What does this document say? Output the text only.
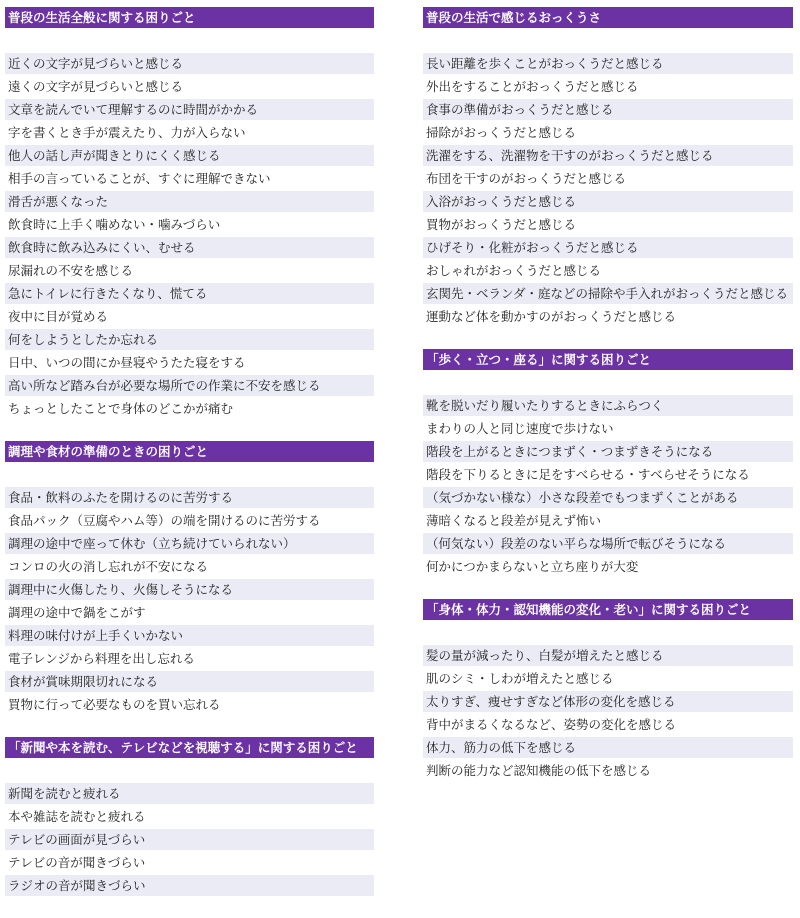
普段の生活全般に関する困りごと
近くの文字が見づらいと感じる
遠くの文字が見づらいと感じる
文章を読んでいて理解するのに時間がかかる
字を書くとき手が震えたり、力が入らない
他人の話し声が聞きとりにくく感じる
相手の言っていることが、すぐに理解できない
滑舌が悪くなった
飲食時に上手く噛めない・噛みづらい
飲食時に飲み込みにくい、むせる
尿漏れの不安を感じる
急にトイレに行きたくなり、慌てる
夜中に目が覚める
何をしようとしたか忘れる
日中、いつの間にか昼寝やうたた寝をする
高い所など踏み台が必要な場所での作業に不安を感じる
ちょっとしたことで身体のどこかが痛む
調理や食材の準備のときの困りごと
食品・飲料のふたを開けるのに苦労する
食品パック（豆腐やハム等）の端を開けるのに苦労する
調理の途中で座って休む（立ち続けていられない）
コンロの火の消し忘れが不安になる
調理中に火傷したり、火傷しそうになる
調理の途中で鍋をこがす
料理の味付けが上手くいかない
電子レンジから料理を出し忘れる
食材が賞味期限切れになる
買物に行って必要なものを買い忘れる
「新聞や本を読む、テレビなどを視聴する」に関する困りごと
新聞を読むと疲れる
本や雑誌を読むと疲れる
テレビの画面が見づらい
テレビの音が聞きづらい
ラジオの音が聞きづらい
普段の生活で感じるおっくうさ
長い距離を歩くことがおっくうだと感じる
外出をすることがおっくうだと感じる
食事の準備がおっくうだと感じる
掃除がおっくうだと感じる
洗濯をする、洗濯物を干すのがおっくうだと感じる
布団を干すのがおっくうだと感じる
入浴がおっくうだと感じる
買物がおっくうだと感じる
ひげそり・化粧がおっくうだと感じる
おしゃれがおっくうだと感じる
玄関先・ベランダ・庭などの掃除や手入れがおっくうだと感じる
運動など体を動かすのがおっくうだと感じる
「歩く・立つ・座る」に関する困りごと
靴を脱いだり履いたりするときにふらつく
まわりの人と同じ速度で歩けない
階段を上がるときにつまずく・つまずきそうになる
階段を下りるときに足をすべらせる・すべらせそうになる
（気づかない様な）小さな段差でもつまずくことがある
薄暗くなると段差が見えず怖い
（何気ない）段差のない平らな場所で転びそうになる
何かにつかまらないと立ち座りが大変
「身体・体力・認知機能の変化・老い」に関する困りごと
髪の量が減ったり、白髪が増えたと感じる
肌のシミ・しわが増えたと感じる
太りすぎ、痩せすぎなど体形の変化を感じる
背中がまるくなるなど、姿勢の変化を感じる
体力、筋力の低下を感じる
判断の能力など認知機能の低下を感じる
